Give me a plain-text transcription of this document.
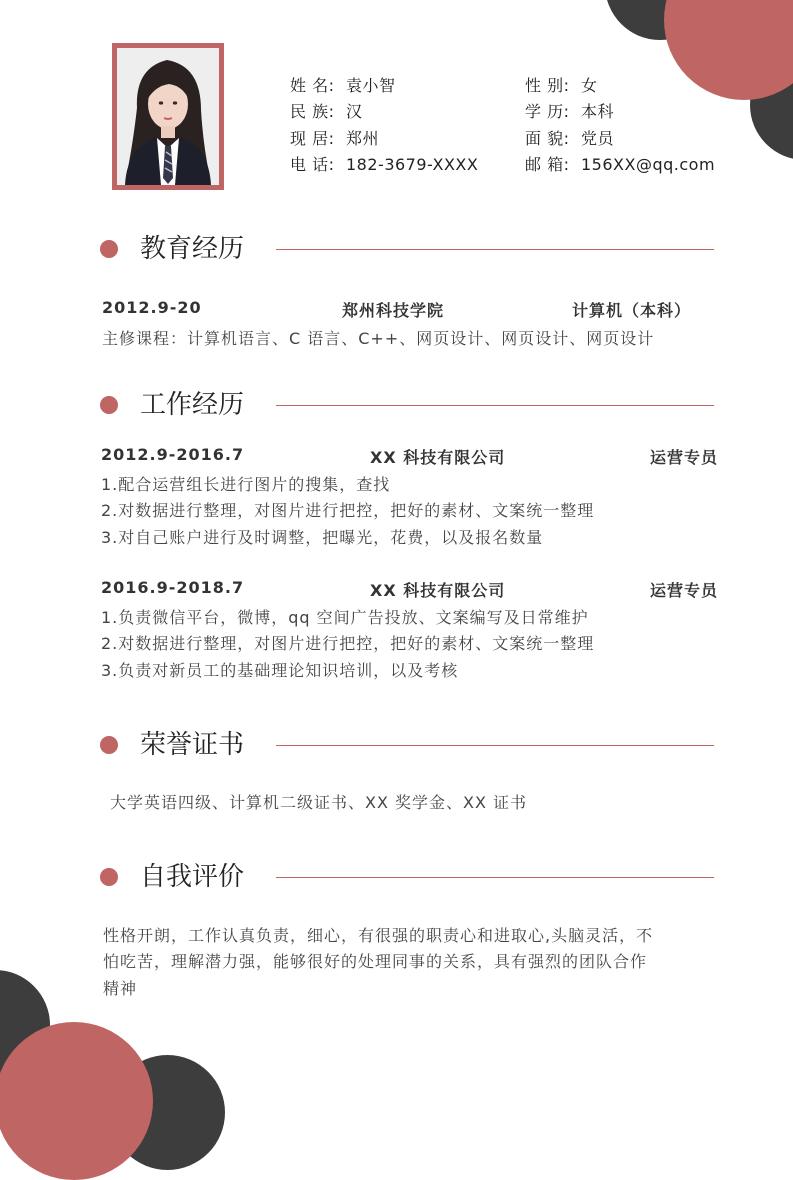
姓 名: 袁小智	性 别: 女
民 族: 汉	学 历: 本科
现 居: 郑州	面 貌: 党员
电 话: 182-3679-XXXX	邮 箱: 156XX@qq.com
教育经历
2012.9-20	郑州科技学院	计算机（本科）
主修课程：计算机语言、C 语言、C++、网页设计、网页设计、网页设计
工作经历
2012.9-2016.7	XX 科技有限公司	运营专员
1.配合运营组长进行图片的搜集，查找
2.对数据进行整理，对图片进行把控，把好的素材、文案统一整理
3.对自己账户进行及时调整，把曝光，花费，以及报名数量
2016.9-2018.7	XX 科技有限公司	运营专员
1.负责微信平台，微博，qq 空间广告投放、文案编写及日常维护
2.对数据进行整理，对图片进行把控，把好的素材、文案统一整理
3.负责对新员工的基础理论知识培训，以及考核
荣誉证书
大学英语四级、计算机二级证书、XX 奖学金、XX 证书
自我评价
性格开朗，工作认真负责，细心，有很强的职责心和进取心,头脑灵活，不
怕吃苦，理解潜力强，能够很好的处理同事的关系，具有强烈的团队合作
精神
